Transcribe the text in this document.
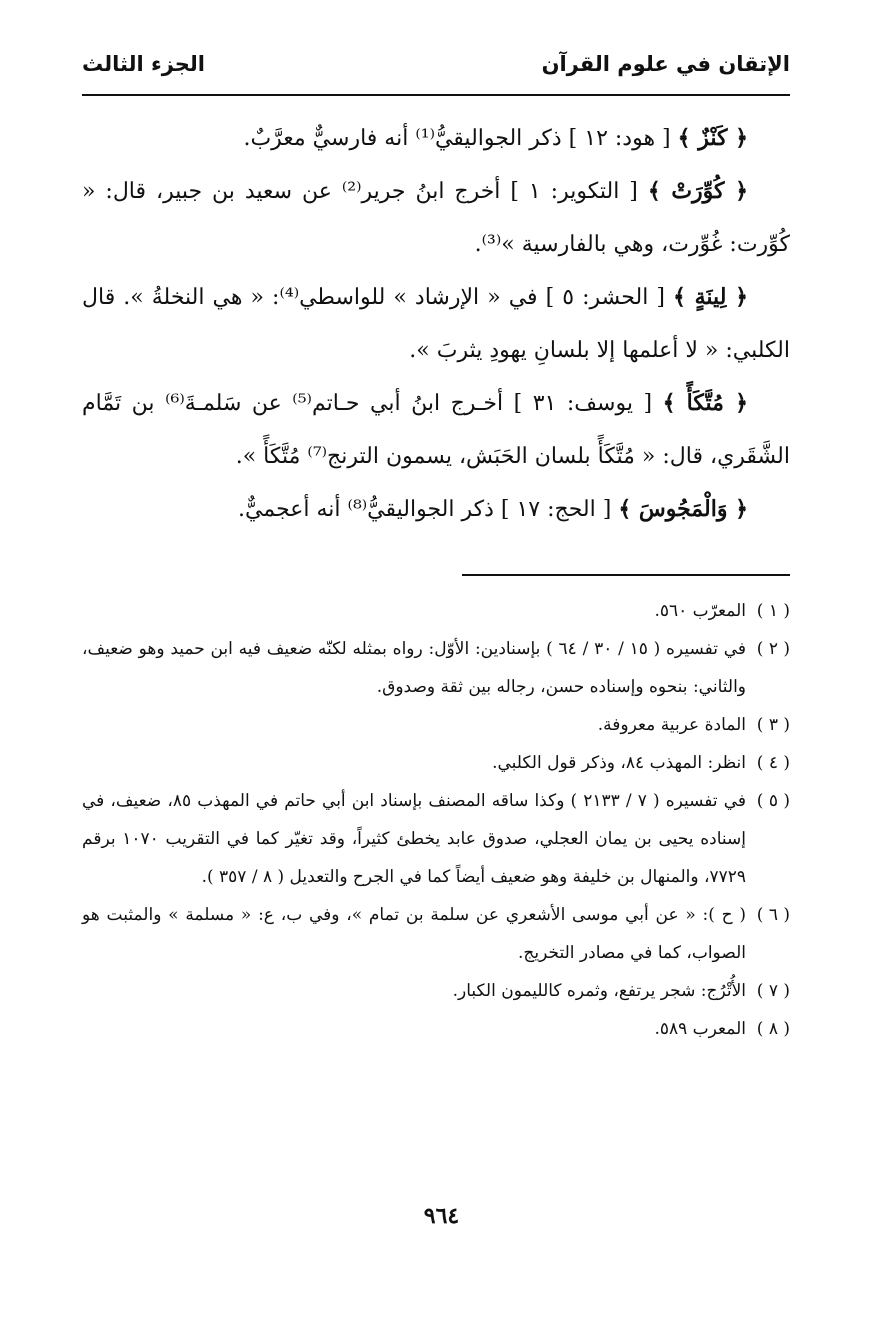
الإتقان في علوم القرآن
الجزء الثالث

﴿ كَنْزٌ ﴾ [ هود: ١٢ ] ذكر الجواليقيُّ⁽¹⁾ أنه فارسيٌّ معرَّبٌ.

﴿ كُوِّرَتْ ﴾ [ التكوير: ١ ] أخرج ابنُ جرير⁽²⁾ عن سعيد بن جبير، قال: « كُوِّرت: غُوِّرت، وهي بالفارسية »⁽³⁾.

﴿ لِينَةٍ ﴾ [ الحشر: ٥ ] في « الإرشاد » للواسطي⁽⁴⁾: « هي النخلةُ ». قال الكلبي: « لا أعلمها إلا بلسانِ يهودِ يثربَ ».

﴿ مُتَّكَأً ﴾ [ يوسف: ٣١ ] أخـرج ابنُ أبي حـاتم⁽⁵⁾ عن سَلمـةَ⁽⁶⁾ بن تَمَّام الشَّقَري، قال: « مُتَّكَأً بلسان الحَبَش، يسمون الترنج⁽⁷⁾ مُتَّكَأً ».

﴿ وَالْمَجُوسَ ﴾ [ الحج: ١٧ ] ذكر الجواليقيُّ⁽⁸⁾ أنه أعجميٌّ.

( ١ )
المعرّب ٥٦٠.
( ٢ )
في تفسيره ( ١٥ / ٣٠ / ٦٤ ) بإسنادين: الأوّل: رواه بمثله لكنّه ضعيف فيه ابن حميد وهو ضعيف، والثاني: بنحوه وإسناده حسن، رجاله بين ثقة وصدوق.
( ٣ )
المادة عربية معروفة.
( ٤ )
انظر: المهذب ٨٤، وذكر قول الكلبي.
( ٥ )
في تفسيره ( ٧ / ٢١٣٣ ) وكذا ساقه المصنف بإسناد ابن أبي حاتم في المهذب ٨٥، ضعيف، في إسناده يحيى بن يمان العجلي، صدوق عابد يخطئ كثيراً، وقد تغيّر كما في التقريب ١٠٧٠ برقم ٧٧٢٩، والمنهال بن خليفة وهو ضعيف أيضاً كما في الجرح والتعديل ( ٨ / ٣٥٧ ).
( ٦ )
( ح ): « عن أبي موسى الأشعري عن سلمة بن تمام »، وفي ب، ع: « مسلمة » والمثبت هو الصواب، كما في مصادر التخريج.
( ٧ )
الأُتْرُج: شجر يرتفع، وثمره كالليمون الكبار.
( ٨ )
المعرب ٥٨٩.
٩٦٤
